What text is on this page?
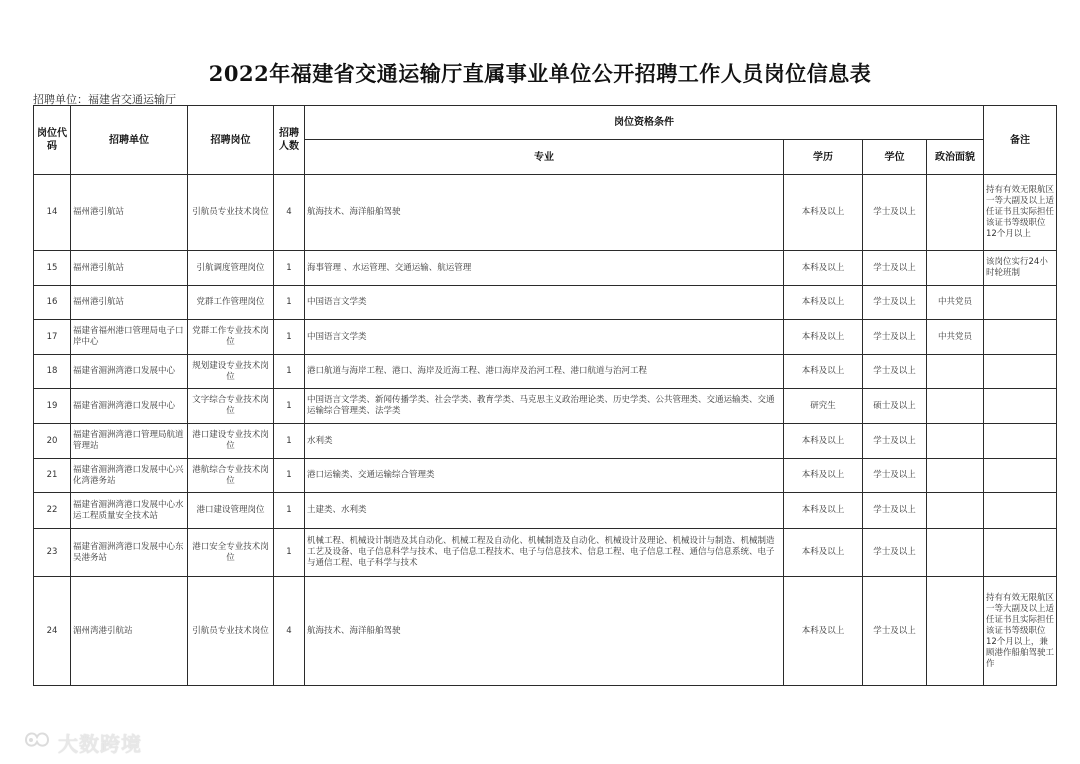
2022年福建省交通运输厅直属事业单位公开招聘工作人员岗位信息表
招聘单位：福建省交通运输厅
岗位代码	招聘单位	招聘岗位	招聘人数	岗位资格条件				备注
				专业	学历	学位	政治面貌	
14	福州港引航站	引航员专业技术岗位	4	航海技术、海洋船舶驾驶	本科及以上	学士及以上		持有有效无限航区一等大副及以上适任证书且实际担任该证书等级职位12个月以上
15	福州港引航站	引航调度管理岗位	1	海事管理 、水运管理、交通运输、航运管理	本科及以上	学士及以上		该岗位实行24小时轮班制
16	福州港引航站	党群工作管理岗位	1	中国语言文学类	本科及以上	学士及以上	中共党员	
17	福建省福州港口管理局电子口岸中心	党群工作专业技术岗位	1	中国语言文学类	本科及以上	学士及以上	中共党员	
18	福建省湄洲湾港口发展中心	规划建设专业技术岗位	1	港口航道与海岸工程、港口、海岸及近海工程、港口海岸及治河工程、港口航道与治河工程	本科及以上	学士及以上		
19	福建省湄洲湾港口发展中心	文字综合专业技术岗位	1	中国语言文学类、新闻传播学类、社会学类、教育学类、马克思主义政治理论类、历史学类、公共管理类、交通运输类、交通运输综合管理类、法学类	研究生	硕士及以上		
20	福建省湄洲湾港口管理局航道管理站	港口建设专业技术岗位	1	水利类	本科及以上	学士及以上		
21	福建省湄洲湾港口发展中心兴化湾港务站	港航综合专业技术岗位	1	港口运输类、交通运输综合管理类	本科及以上	学士及以上		
22	福建省湄洲湾港口发展中心水运工程质量安全技术站	港口建设管理岗位	1	土建类、水利类	本科及以上	学士及以上		
23	福建省湄洲湾港口发展中心东吴港务站	港口安全专业技术岗位	1	机械工程、机械设计制造及其自动化、机械工程及自动化、机械制造及自动化、机械设计及理论、机械设计与制造、机械制造工艺及设备、电子信息科学与技术、电子信息工程技术、电子与信息技术、信息工程、电子信息工程、通信与信息系统、电子与通信工程、电子科学与技术	本科及以上	学士及以上		
24	湄州湾港引航站	引航员专业技术岗位	4	航海技术、海洋船舶驾驶	本科及以上	学士及以上		持有有效无限航区一等大副及以上适任证书且实际担任该证书等级职位12个月以上，兼顾港作船舶驾驶工作
大数跨境
